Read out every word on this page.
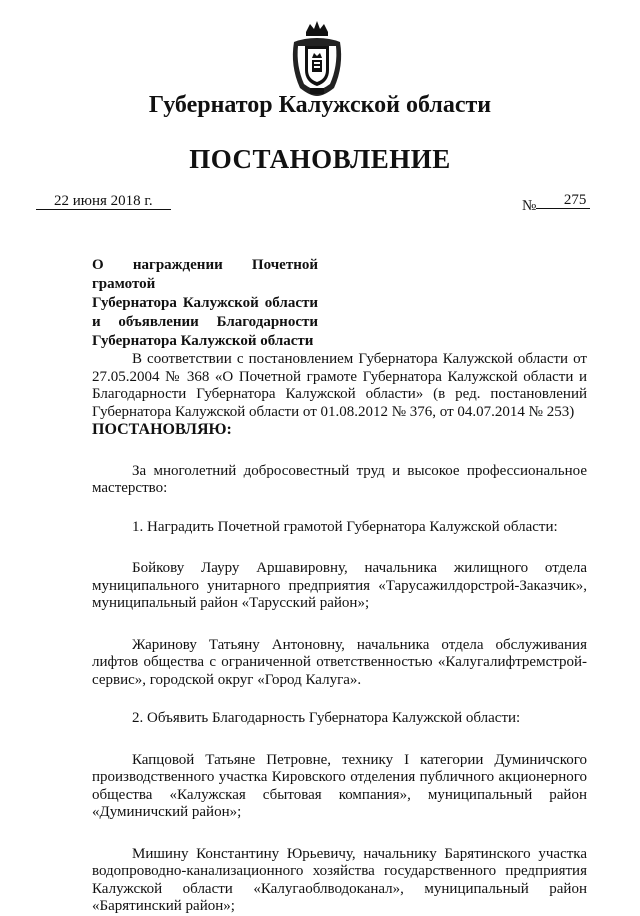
Губернатор Калужской области
ПОСТАНОВЛЕНИЕ
22 июня 2018 г.	№ 275
О награждении Почетной грамотой
Губернатора Калужской области
и объявлении Благодарности
Губернатора Калужской области

В соответствии с постановлением Губернатора Калужской области от 27.05.2004 № 368 «О Почетной грамоте Губернатора Калужской области и Благодарности Губернатора Калужской области» (в ред. постановлений Губернатора Калужской области от 01.08.2012 № 376, от 04.07.2014 № 253)

ПОСТАНОВЛЯЮ:

За многолетний добросовестный труд и высокое профессиональное мастерство:

1. Наградить Почетной грамотой Губернатора Калужской области:

Бойкову Лауру Аршавировну, начальника жилищного отдела муниципального унитарного предприятия «Тарусажилдорстрой-Заказчик», муниципальный район «Тарусский район»;

Жаринову Татьяну Антоновну, начальника отдела обслуживания лифтов общества с ограниченной ответственностью «Калугалифтремстрой-сервис», городской округ «Город Калуга».

2. Объявить Благодарность Губернатора Калужской области:

Капцовой Татьяне Петровне, технику I категории Думиничского производственного участка Кировского отделения публичного акционерного общества «Калужская сбытовая компания», муниципальный район «Думиничский район»;

Мишину Константину Юрьевичу, начальнику Барятинского участка водопроводно-канализационного хозяйства государственного предприятия Калужской области «Калугаоблводоканал», муниципальный район «Барятинский район»;
